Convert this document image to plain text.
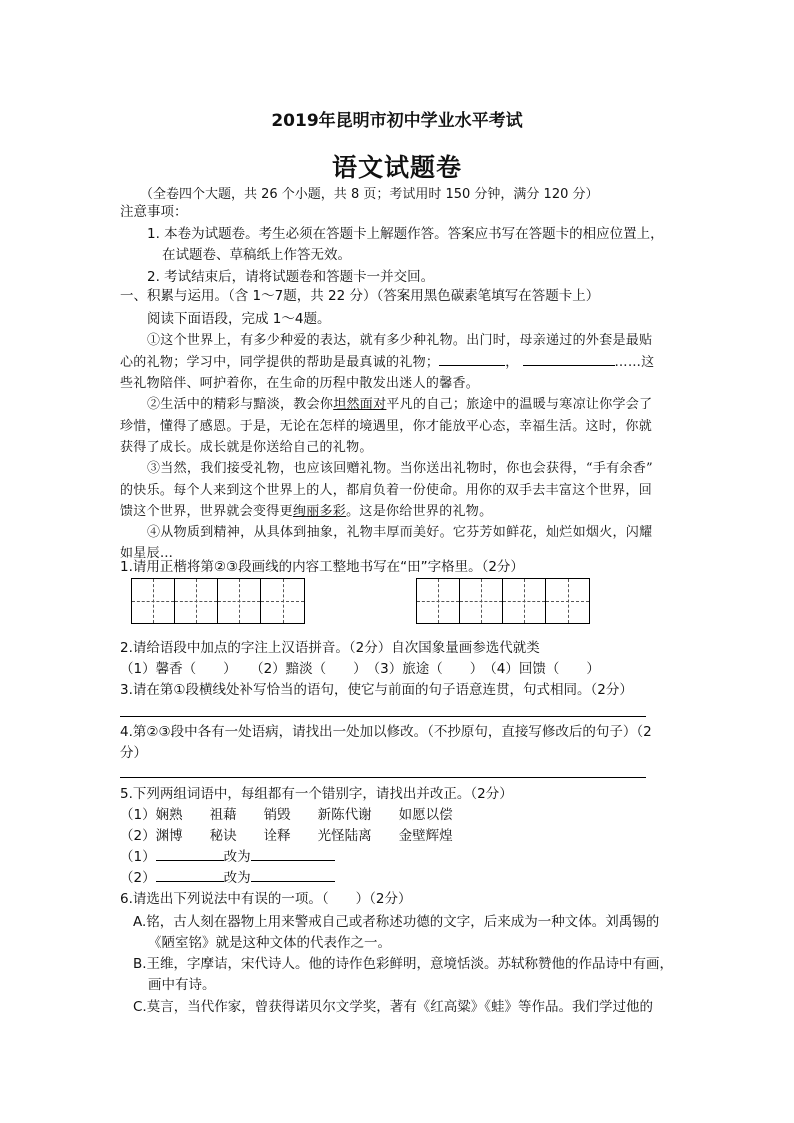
2019年昆明市初中学业水平考试
语文试题卷
（全卷四个大题，共 26 个小题，共 8 页；考试用时 150 分钟，满分 120 分）
注意事项：
1. 本卷为试题卷。考生必须在答题卡上解题作答。答案应书写在答题卡的相应位置上，
在试题卷、草稿纸上作答无效。
2. 考试结束后，请将试题卷和答题卡一并交回。
一、积累与运用。（含 1～7题，共 22 分）（答案用黑色碳素笔填写在答题卡上）
阅读下面语段，完成 1～4题。
①这个世界上，有多少种爱的表达，就有多少种礼物。出门时，母亲递过的外套是最贴
心的礼物；学习中，同学提供的帮助是最真诚的礼物；	，	……这
些礼物陪伴、呵护着你，在生命的历程中散发出迷人的馨香。
②生活中的精彩与黯淡，教会你坦然面对平凡的自己；旅途中的温暖与寒凉让你学会了
珍惜，懂得了感恩。于是，无论在怎样的境遇里，你才能放平心态，幸福生活。这时，你就
获得了成长。成长就是你送给自己的礼物。
③当然，我们接受礼物，也应该回赠礼物。当你送出礼物时，你也会获得，“手有余香”
的快乐。每个人来到这个世界上的人，都肩负着一份使命。用你的双手去丰富这个世界，回
馈这个世界，世界就会变得更绚丽多彩。这是你给世界的礼物。
④从物质到精神，从具体到抽象，礼物丰厚而美好。它芬芳如鲜花，灿烂如烟火，闪耀
如星辰…
1.请用正楷将第②③段画线的内容工整地书写在“田”字格里。（2分）
2.请给语段中加点的字注上汉语拼音。（2分）自次国象量画参选代就类
（1）馨香（　　）　　（2）黯淡（　　）　（3）旅途（　　）　（4）回馈（　　）
3.请在第①段横线处补写恰当的语句，使它与前面的句子语意连贯，句式相同。（2分）
4.第②③段中各有一处语病，请找出一处加以修改。（不抄原句，直接写修改后的句子）（2
分）
5.下列两组词语中，每组都有一个错别字，请找出并改正。（2分）
（1）娴熟　　祖藉　　销毁　　新陈代谢　　如愿以偿
（2）渊博　　秘诀　　诠释　　光怪陆离　　金壁辉煌
（1）	改为
（2）	改为
6.请选出下列说法中有误的一项。（　　）（2分）
A.铭，古人刻在器物上用来警戒自己或者称述功德的文字，后来成为一种文体。刘禹锡的
《陋室铭》就是这种文体的代表作之一。
B.王维，字摩诘，宋代诗人。他的诗作色彩鲜明，意境恬淡。苏轼称赞他的作品诗中有画，
画中有诗。
C.莫言，当代作家，曾获得诺贝尔文学奖，著有《红高粱》《蛙》等作品。我们学过他的
